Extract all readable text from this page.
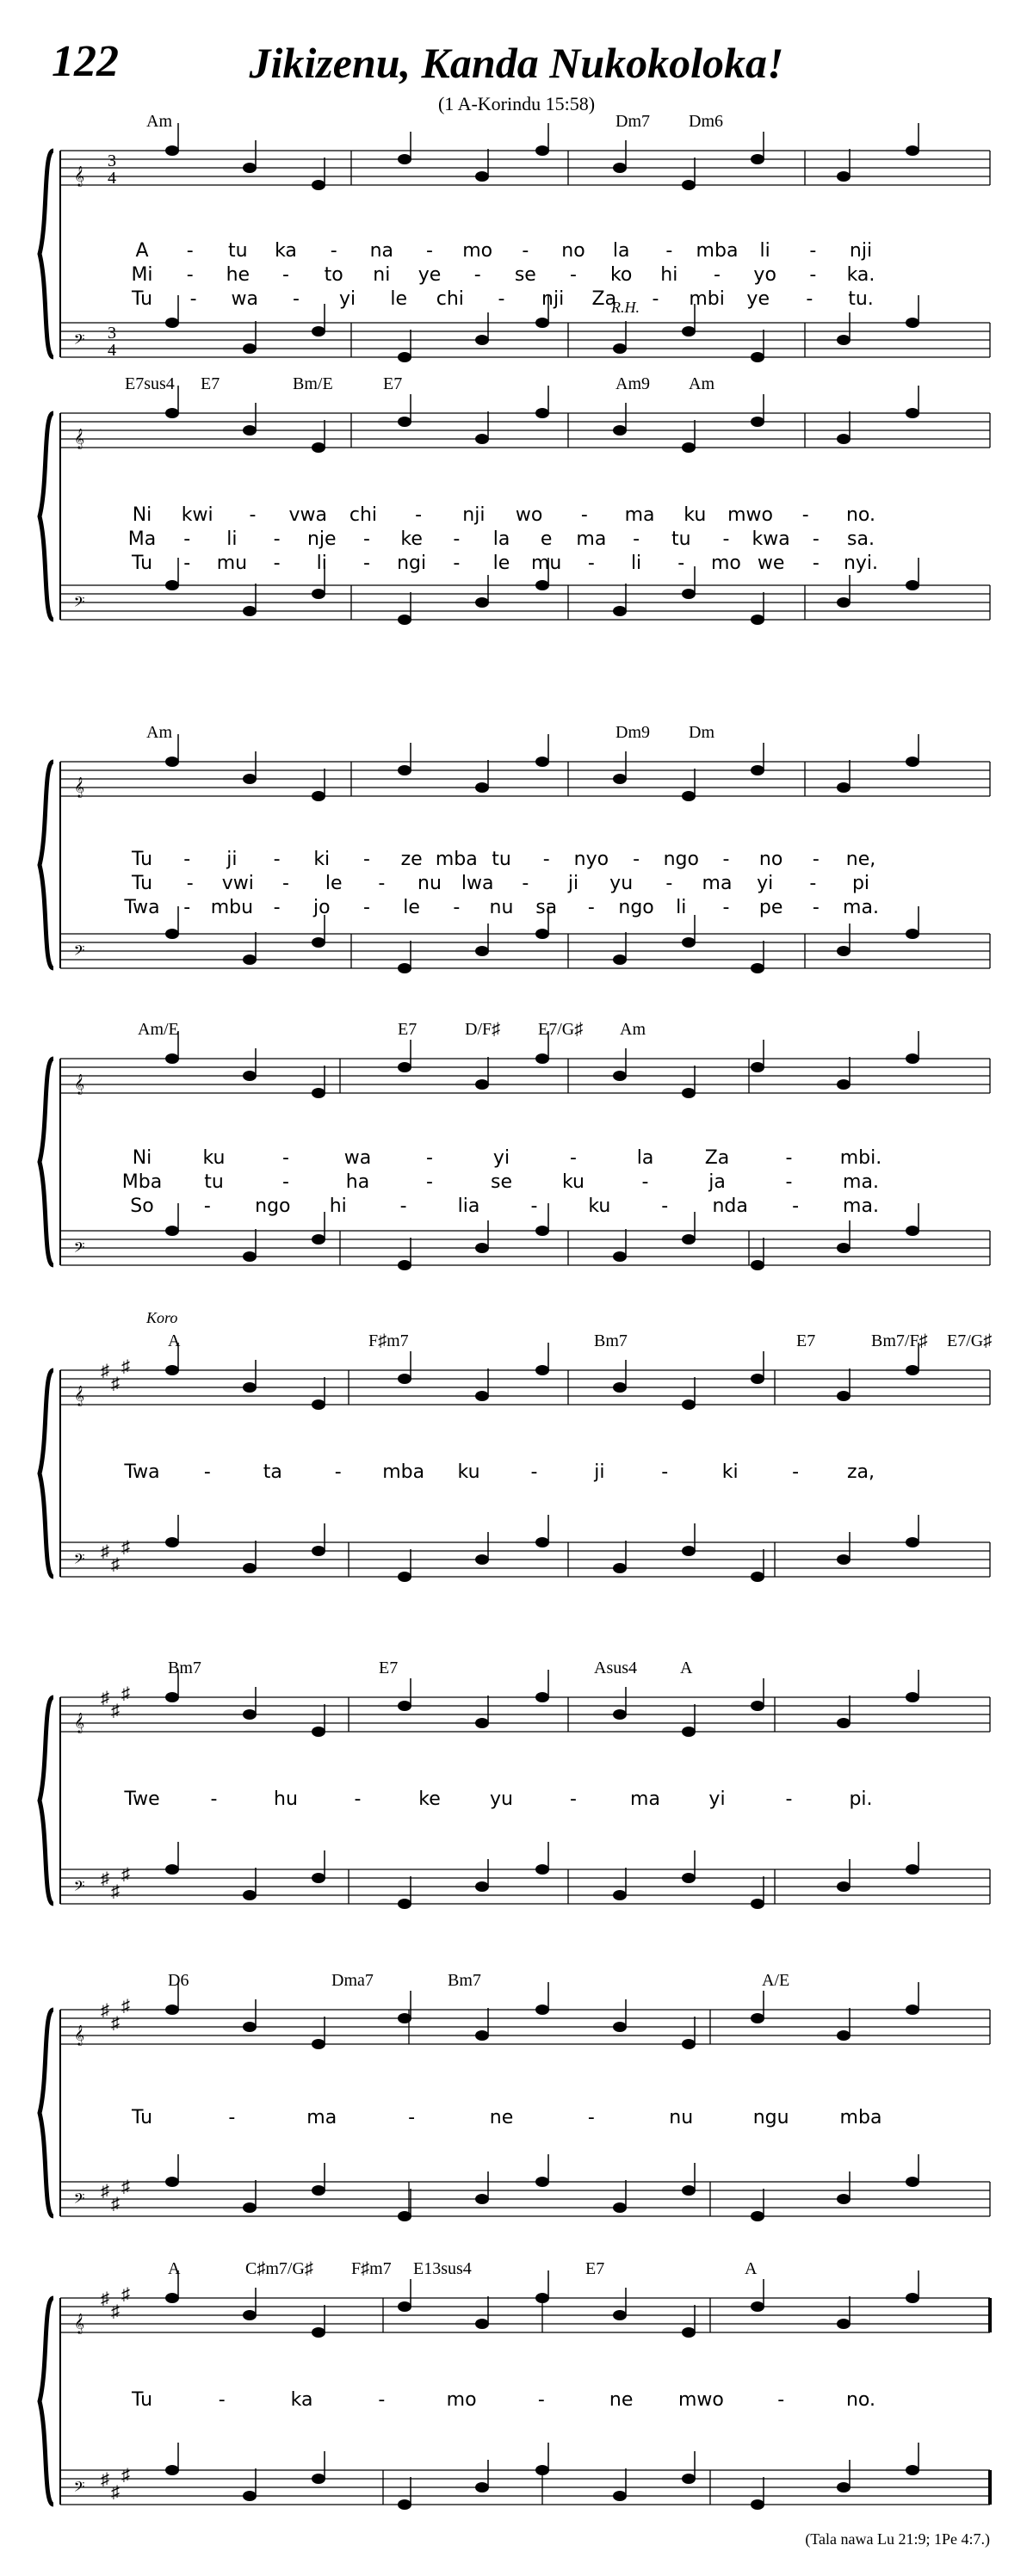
122	Jikizenu, Kanda Nukokoloka!
(1 A-Korindu 15:58)
𝄞
3
4
𝄢 3
4
Am	Dm7 Dm6
R.H.
A - tu ka - na - mo - no la - mba li - nji
Mi - he - to ni ye - se - ko hi - yo - ka.
Tu - wa - yi le chi - nji Za - mbi ye - tu.
𝄞
𝄢
E7sus4 E7	Bm/E	E7	Am9 Am
Ni kwi - vwa chi - nji wo - ma ku mwo - no.
Ma - li - nje - ke - la e ma - tu - kwa - sa.
Tu - mu - li - ngi - le mu - li - mo we - nyi.
𝄞
𝄢
Am	Dm9 Dm
Tu - ji - ki - ze mba tu - nyo - ngo - no - ne,
Tu - vwi - le - nu lwa - ji yu - ma yi - pi
Twa - mbu - jo - le - nu sa - ngo li - pe - ma.
𝄞
𝄢
Am/E	E7	D/F♯ E7/G♯ Am
Ni	ku	-	wa	-	yi	-	la	Za	-	mbi.
Mba tu	-	ha	-	se	ku	-	ja	-	ma.
So	- ngo hi	-	lia	-	ku	- nda - ma.
𝄞
♯
♯
♯
𝄢 ♯
♯
♯
A	F♯m7	Bm7	E7	Bm7/F♯ E7/G♯
Koro
Twa -	ta	- mba ku	-	ji	-	ki	-	za,
𝄞
♯
♯
♯
𝄢 ♯
♯
♯
Bm7	E7	Asus4 A
Twe	-	hu	-	ke	yu	-	ma	yi	-	pi.
𝄞
♯
♯
♯
𝄢 ♯
♯
♯
D6	Dma7	Bm7	A/E
Tu	-	ma	-	ne	-	nu	ngu	mba
𝄞
♯
♯
♯
𝄢 ♯
♯
♯
A	C♯m7/G♯ F♯m7 E13sus4	E7	A
Tu	-	ka	-	mo	-	ne mwo	-	no.
(Tala nawa Lu 21:9; 1Pe 4:7.)
